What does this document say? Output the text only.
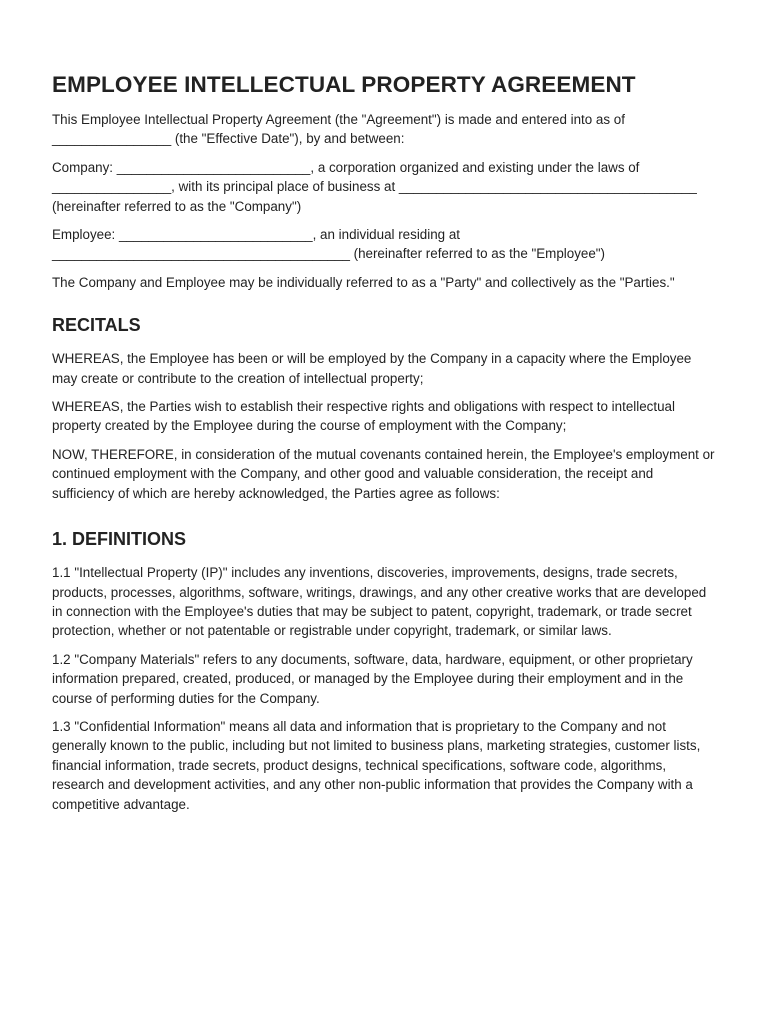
EMPLOYEE INTELLECTUAL PROPERTY AGREEMENT

This Employee Intellectual Property Agreement (the "Agreement") is made and entered into as of ________________ (the "Effective Date"), by and between:

Company: __________________________, a corporation organized and existing under the laws of ________________, with its principal place of business at ________________________________________ (hereinafter referred to as the "Company")

Employee: __________________________, an individual residing at ________________________________________ (hereinafter referred to as the "Employee")

The Company and Employee may be individually referred to as a "Party" and collectively as the "Parties."

RECITALS

WHEREAS, the Employee has been or will be employed by the Company in a capacity where the Employee may create or contribute to the creation of intellectual property;

WHEREAS, the Parties wish to establish their respective rights and obligations with respect to intellectual property created by the Employee during the course of employment with the Company;

NOW, THEREFORE, in consideration of the mutual covenants contained herein, the Employee's employment or continued employment with the Company, and other good and valuable consideration, the receipt and sufficiency of which are hereby acknowledged, the Parties agree as follows:

1. DEFINITIONS

1.1 "Intellectual Property (IP)" includes any inventions, discoveries, improvements, designs, trade secrets, products, processes, algorithms, software, writings, drawings, and any other creative works that are developed in connection with the Employee's duties that may be subject to patent, copyright, trademark, or trade secret protection, whether or not patentable or registrable under copyright, trademark, or similar laws.

1.2 "Company Materials" refers to any documents, software, data, hardware, equipment, or other proprietary information prepared, created, produced, or managed by the Employee during their employment and in the course of performing duties for the Company.

1.3 "Confidential Information" means all data and information that is proprietary to the Company and not generally known to the public, including but not limited to business plans, marketing strategies, customer lists, financial information, trade secrets, product designs, technical specifications, software code, algorithms, research and development activities, and any other non-public information that provides the Company with a competitive advantage.
